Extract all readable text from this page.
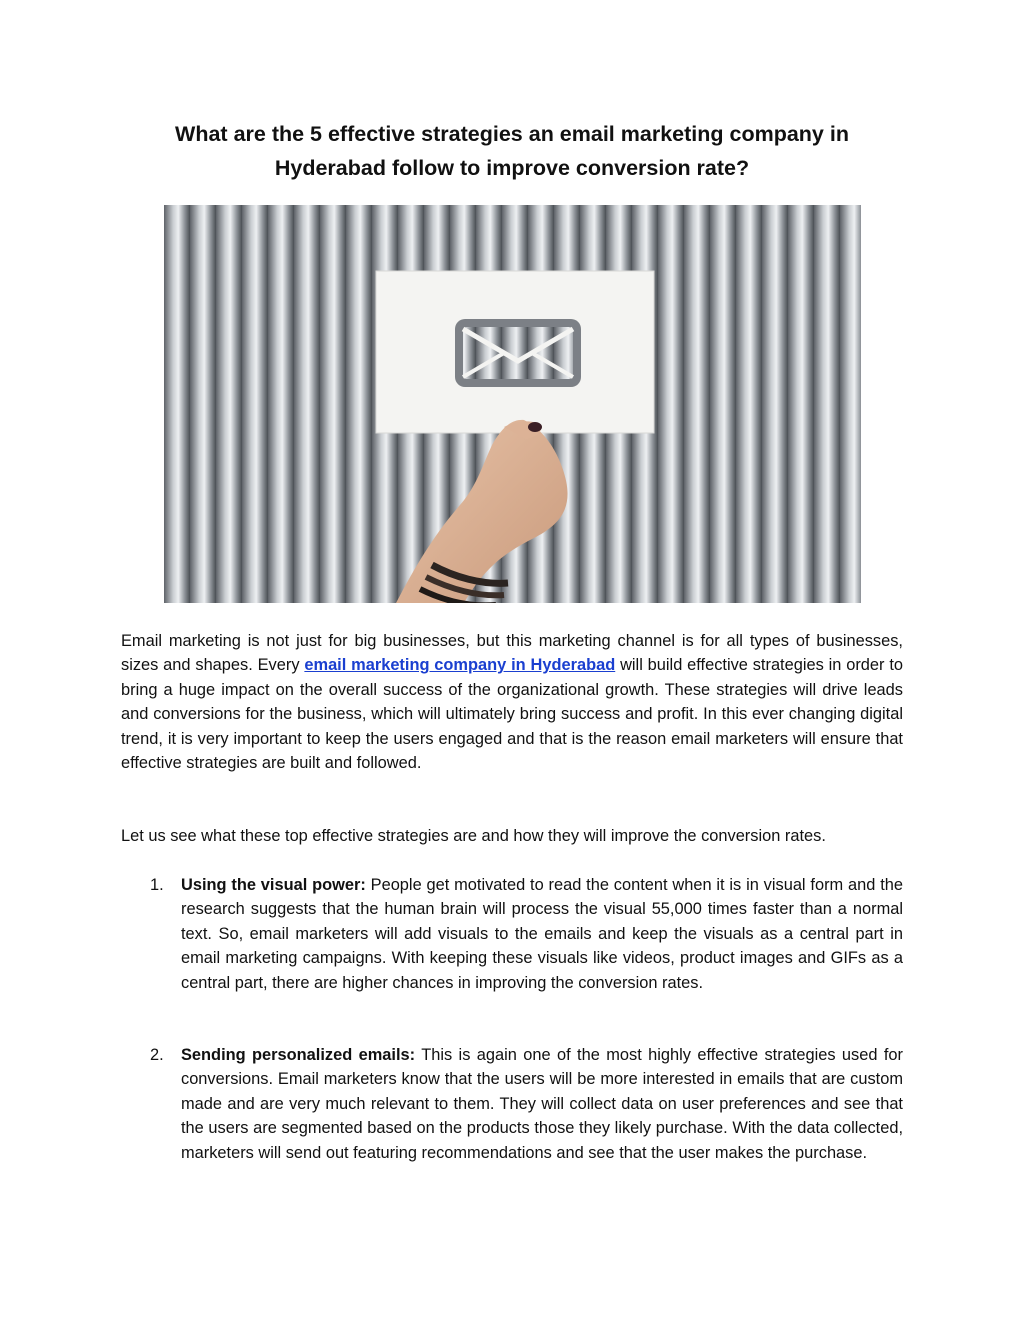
What are the 5 effective strategies an email marketing company in
Hyderabad follow to improve conversion rate?

Email marketing is not just for big businesses, but this marketing channel is for all types of businesses, sizes and shapes. Every email marketing company in Hyderabad will build effective strategies in order to bring a huge impact on the overall success of the organizational growth. These strategies will drive leads and conversions for the business, which will ultimately bring success and profit. In this ever changing digital trend, it is very important to keep the users engaged and that is the reason email marketers will ensure that effective strategies are built and followed.

Let us see what these top effective strategies are and how they will improve the conversion rates.

1. Using the visual power: People get motivated to read the content when it is in visual form and the research suggests that the human brain will process the visual 55,000 times faster than a normal text. So, email marketers will add visuals to the emails and keep the visuals as a central part in email marketing campaigns. With keeping these visuals like videos, product images and GIFs as a central part, there are higher chances in improving the conversion rates.
2. Sending personalized emails: This is again one of the most highly effective strategies used for conversions. Email marketers know that the users will be more interested in emails that are custom made and are very much relevant to them. They will collect data on user preferences and see that the users are segmented based on the products those they likely purchase. With the data collected, marketers will send out featuring recommendations and see that the user makes the purchase.
